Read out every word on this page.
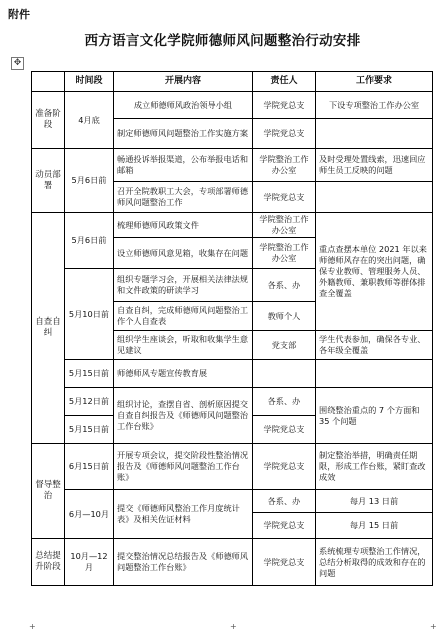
附件
西方语言文化学院师德师风问题整治行动安排
✥
	时间段	开展内容	责任人	工作要求
准备阶段	4月底	成立师德师风政治领导小组	学院党总支	下设专项整治工作办公室
		制定师德师风问题整治工作实施方案	学院党总支	
动员部署	5月6日前	畅通投诉举报渠道，公布举报电话和邮箱	学院整治工作办公室	及时受理处置线索，迅速回应师生员工反映的问题
		召开全院教职工大会，专项部署师德师风问题整治工作	学院党总支	
自查自纠	5月6日前	梳理师德师风政策文件	学院整治工作办公室	重点查摆本单位 2021 年以来师德师风存在的突出问题，确保专业教师、管理服务人员、外籍教师、兼职教师等群体排查全覆盖
		设立师德师风意见箱，收集存在问题	学院整治工作办公室	
	5月10日前	组织专题学习会，开展相关法律法规和文件政策的研读学习	各系、办	
		自查自纠，完成师德师风问题整治工作个人自查表	教师个人	
		组织学生座谈会，听取和收集学生意见建议	党支部	学生代表参加，确保各专业、各年级全覆盖
	5月15日前	师德师风专题宣传教育展		
	5月12日前	组织讨论，查摆自省、剖析原因提交自查自纠报告及《师德师风问题整治工作台账》	各系、办	围绕整治重点的 7 个方面和 35 个问题
	5月15日前		学院党总支	
督导整治	6月15日前	开展专项会议，提交阶段性整治情况报告及《师德师风问题整治工作台账》	学院党总支	制定整治举措，明确责任期限，形成工作台账，紧盯查改成效
	6月—10月	提交《师德师风整治工作月度统计表》及相关佐证材料	各系、办	每月 13 日前
			学院党总支	每月 15 日前
总结提升阶段	10月—12月	提交整治情况总结报告及《师德师风问题整治工作台账》	学院党总支	系统梳理专项整治工作情况，总结分析取得的成效和存在的问题
+	+	+
